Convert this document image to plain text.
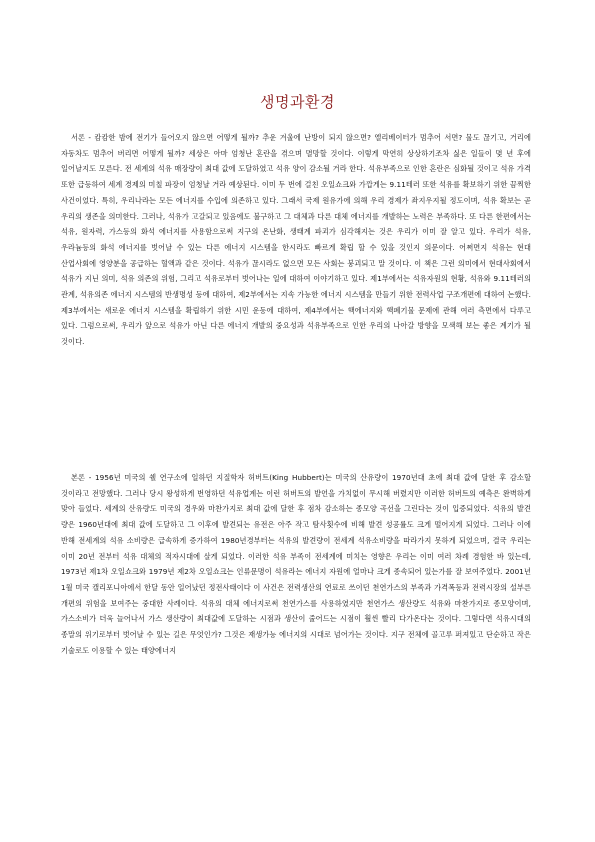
생명과환경

서론 - 캄캄한 밤에 전기가 들어오지 않으면 어떻게 될까? 추운 겨울에 난방이 되지 않으면? 엘리베이터가 멈추어 서면? 물도 끊기고, 거리에 자동차도 멈추어 버리면 어떻게 될까? 세상은 아마 엄청난 혼란을 겪으며 멸망할 것이다. 이렇게 막연히 상상하기조차 싫은 일들이 몇 년 후에 일어날지도 모른다. 전 세계의 석유 매장량이 최대 값에 도달하였고 석유 양이 감소될 거라 한다. 석유부족으로 인한 혼란은 심화될 것이고 석유 가격 또한 급등하여 세계 경제의 미칠 파장이 엄청날 거라 예상된다. 이미 두 번에 걸친 오일쇼크와 가깝게는 9.11테러 또한 석유를 확보하기 위한 끔찍한 사건이었다. 특히, 우리나라는 모든 에너지를 수입에 의존하고 있다. 그래서 국제 원유가에 의해 우리 경제가 좌지우지될 정도이며, 석유 확보는 곧 우리의 생존을 의미한다. 그러나, 석유가 고갈되고 있음에도 불구하고 그 대체과 다른 대체 에너지를 개발하는 노력은 부족하다. 또 다른 한편에서는 석유, 원자력, 가스등의 화석 에너지를 사용함으로써 지구의 온난화, 생태계 파괴가 심각해지는 것은 우리가 이미 잘 알고 있다. 우리가 석유, 우라늄등의 화석 에너지를 벗어날 수 있는 다른 에너지 시스템을 한시라도 빠르게 확립 할 수 있을 것인지 의문이다. 어쩌면지 석유는 현대 산업사회에 영양분을 공급하는 혈액과 같은 것이다. 석유가 끊시라도 없으면 모든 사회는 붕괴되고 말 것이다. 이 책은 그런 의미에서 현대사회에서 석유가 지닌 의미, 석유 의존의 위험, 그리고 석유로부터 벗어나는 일에 대하여 이야기하고 있다. 제1부에서는 석유자원의 현황, 석유와 9.11테러의 관계, 석유의존 에너지 시스템의 반생명성 등에 대하여, 제2부에서는 지속 가능한 에너지 시스템을 만들기 위한 전력사업 구조개편에 대하여 논했다. 제3부에서는 새로운 에너지 시스템을 확립하기 위한 시민 운동에 대하여, 제4부에서는 핵에너지와 핵폐기물 문제에 관해 여러 측면에서 다루고 있다. 그럼으로써, 우리가 앞으로 석유가 아닌 다른 에너지 개발의 중요성과 석유부족으로 인한 우리의 나아갈 방향을 모색해 보는 좋은 계기가 될 것이다.

본론 - 1956년 미국의 쉘 연구소에 일하던 지질학자 허버트(King Hubbert)는 미국의 산유량이 1970년대 초에 최대 값에 달한 후 감소할 것이라고 전망했다. 그러나 당시 왕성하게 번영하던 석유업계는 이런 허버트의 발언을 가치없이 무시해 버렸지만 이러한 허버트의 예측은 완벽하게 맞아 들었다. 세계의 산유량도 미국의 경우와 마찬가지로 최대 값에 달한 후 점차 감소하는 종모양 곡선을 그린다는 것이 입증되었다. 석유의 발견 량은 1960년대에 최대 값에 도달하고 그 이후에 발견되는 유전은 아주 작고 탐사횟수에 비해 발견 성공률도 크게 떨어지게 되었다. 그러나 이에 반해 전세계의 석유 소비량은 급속하게 증가하여 1980년경부터는 석유의 발견량이 전세계 석유소비량을 따라가지 못하게 되었으며, 결국 우리는 이미 20년 전부터 석유 대체의 적자시대에 살게 되었다. 이러한 석유 부족이 전세계에 미치는 영향은 우리는 이미 여러 차례 경험한 바 있는데, 1973년 제1차 오일쇼크와 1979년 제2차 오일쇼크는 인류문명이 석유라는 에너지 자원에 얼마나 크게 종속되어 있는가를 잘 보여주었다. 2001년 1월 미국 캘리포니아에서 한달 동안 일어났던 정전사태이다 이 사건은 전력생산의 연료로 쓰이던 천연가스의 부족과 가격폭등과 전력시장의 설부른 개편의 위험을 보여주는 중대한 사례이다. 석유의 대체 에너지로써 천연가스를 사용하였지만 천연가스 생산량도 석유와 마찬가지로 종모양이며, 가스소비가 더욱 늘어나서 가스 생산량이 최대값에 도달하는 시점과 생산이 줄어드는 시점이 훨씬 빨리 다가온다는 것이다. 그렇다면 석유시대의 종말의 위기로부터 벗어날 수 있는 길은 무엇인가? 그것은 재생가능 에너지의 시대로 넘어가는 것이다. 지구 전체에 골고루 퍼져있고 단순하고 작은 기술로도 이용할 수 있는 태양에너지
